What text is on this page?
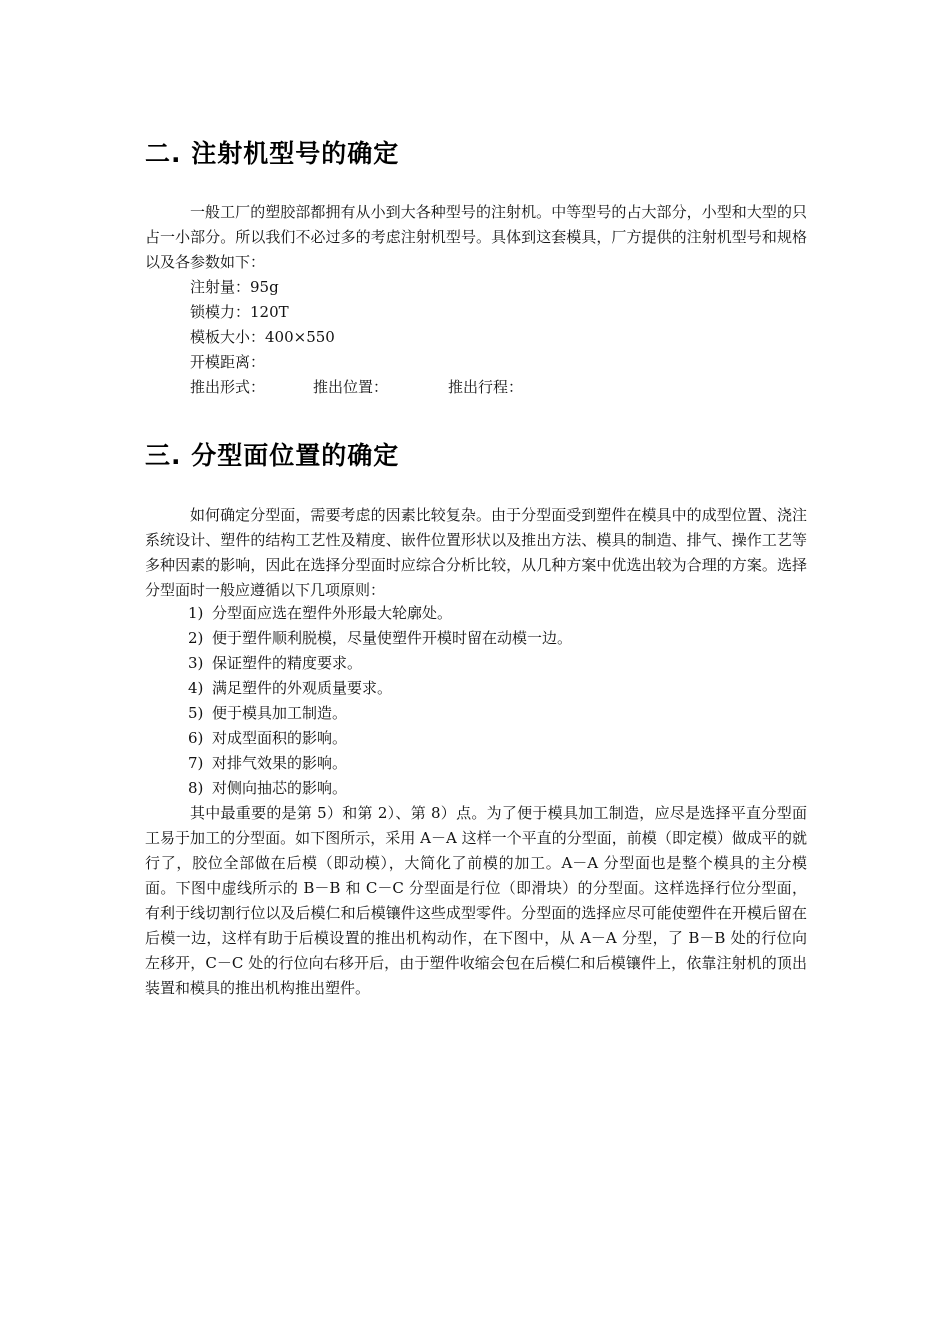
二. 注射机型号的确定
一般工厂的塑胶部都拥有从小到大各种型号的注射机。中等型号的占大部分，小型和大型的只占一小部分。所以我们不必过多的考虑注射机型号。具体到这套模具，厂方提供的注射机型号和规格以及各参数如下：
注射量：95g
锁模力：120T
模板大小：400×550
开模距离：
推出形式：	推出位置：	推出行程：
三. 分型面位置的确定
如何确定分型面，需要考虑的因素比较复杂。由于分型面受到塑件在模具中的成型位置、浇注系统设计、塑件的结构工艺性及精度、嵌件位置形状以及推出方法、模具的制造、排气、操作工艺等多种因素的影响，因此在选择分型面时应综合分析比较，从几种方案中优选出较为合理的方案。选择分型面时一般应遵循以下几项原则：
1) 分型面应选在塑件外形最大轮廓处。
2) 便于塑件顺利脱模，尽量使塑件开模时留在动模一边。
3) 保证塑件的精度要求。
4) 满足塑件的外观质量要求。
5) 便于模具加工制造。
6) 对成型面积的影响。
7) 对排气效果的影响。
8) 对侧向抽芯的影响。
其中最重要的是第 5）和第 2）、第 8）点。为了便于模具加工制造，应尽是选择平直分型面工易于加工的分型面。如下图所示，采用 A－A 这样一个平直的分型面，前模（即定模）做成平的就行了，胶位全部做在后模（即动模），大简化了前模的加工。A－A 分型面也是整个模具的主分模面。下图中虚线所示的 B－B 和 C－C 分型面是行位（即滑块）的分型面。这样选择行位分型面，有利于线切割行位以及后模仁和后模镶件这些成型零件。分型面的选择应尽可能使塑件在开模后留在后模一边，这样有助于后模设置的推出机构动作，在下图中，从 A－A 分型，了 B－B 处的行位向左移开，C－C 处的行位向右移开后，由于塑件收缩会包在后模仁和后模镶件上，依靠注射机的顶出装置和模具的推出机构推出塑件。
